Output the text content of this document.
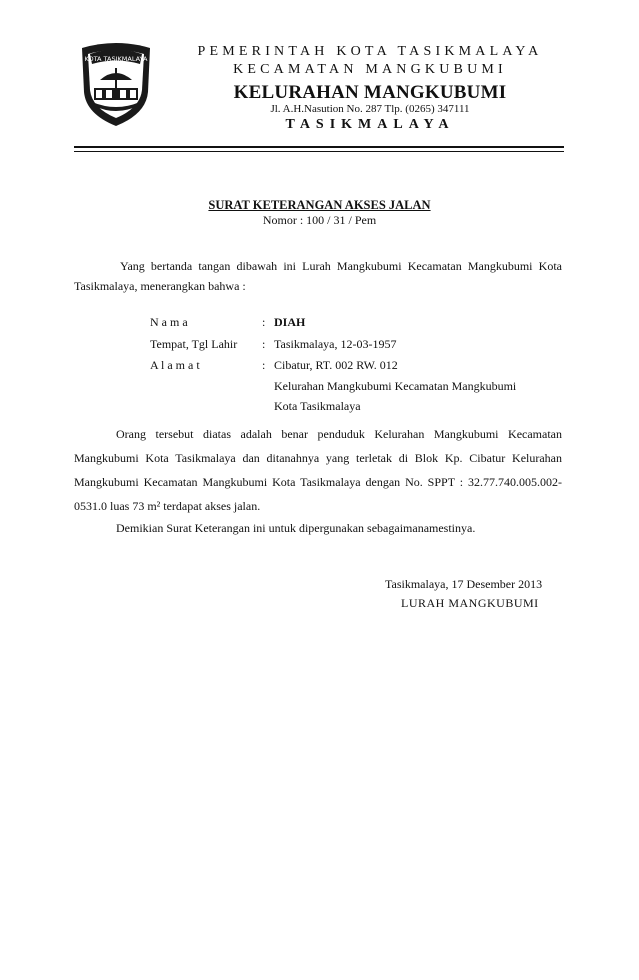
KOTA TASIKMALAYA	PEMERINTAH KOTA TASIKMALAYA
KECAMATAN MANGKUBUMI
KELURAHAN MANGKUBUMI
Jl. A.H.Nasution No. 287 Tlp. (0265) 347111
TASIKMALAYA
SURAT KETERANGAN AKSES JALAN
Nomor : 100 / 31 / Pem
Yang bertanda tangan dibawah ini Lurah Mangkubumi Kecamatan Mangkubumi Kota Tasikmalaya, menerangkan bahwa :
N a m a	: DIAH
Tempat, Tgl Lahir : Tasikmalaya, 12-03-1957
A l a m a t	: Cibatur, RT. 002 RW. 012
Kelurahan Mangkubumi Kecamatan Mangkubumi
Kota Tasikmalaya
Orang tersebut diatas adalah benar penduduk Kelurahan Mangkubumi Kecamatan Mangkubumi Kota Tasikmalaya dan ditanahnya yang terletak di Blok Kp. Cibatur Kelurahan Mangkubumi Kecamatan Mangkubumi Kota Tasikmalaya dengan No. SPPT : 32.77.740.005.002-0531.0 luas 73 m² terdapat akses jalan.
Demikian Surat Keterangan ini untuk dipergunakan sebagaimanamestinya.
Tasikmalaya, 17 Desember 2013
LURAH MANGKUBUMI
